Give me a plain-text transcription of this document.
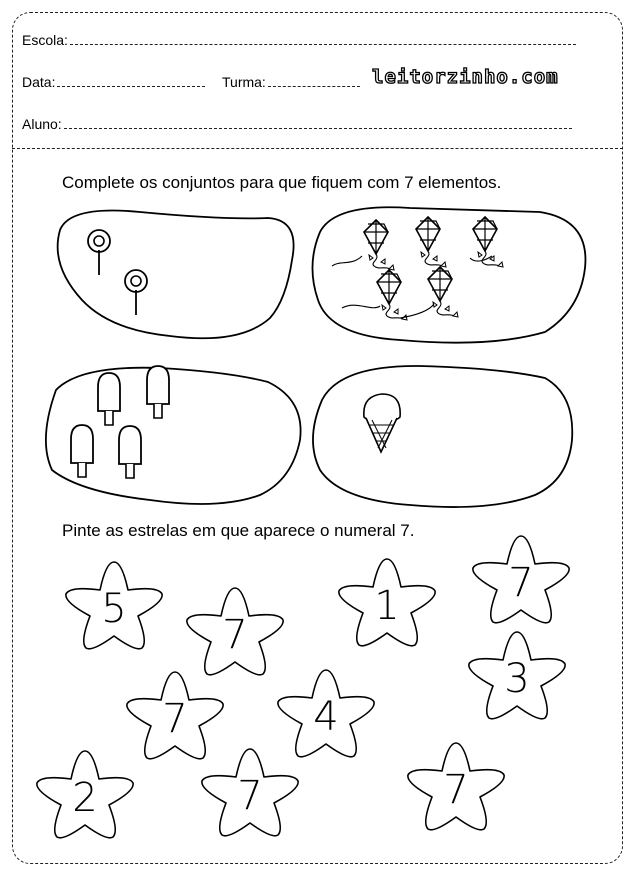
Escola:
Data:	Turma:	leitorzinho.com
Aluno:
Complete os conjuntos para que fiquem com 7 elementos.
Pinte as estrelas em que aparece o numeral 7.
5
7
1	7
3
7	4
2	7	7
